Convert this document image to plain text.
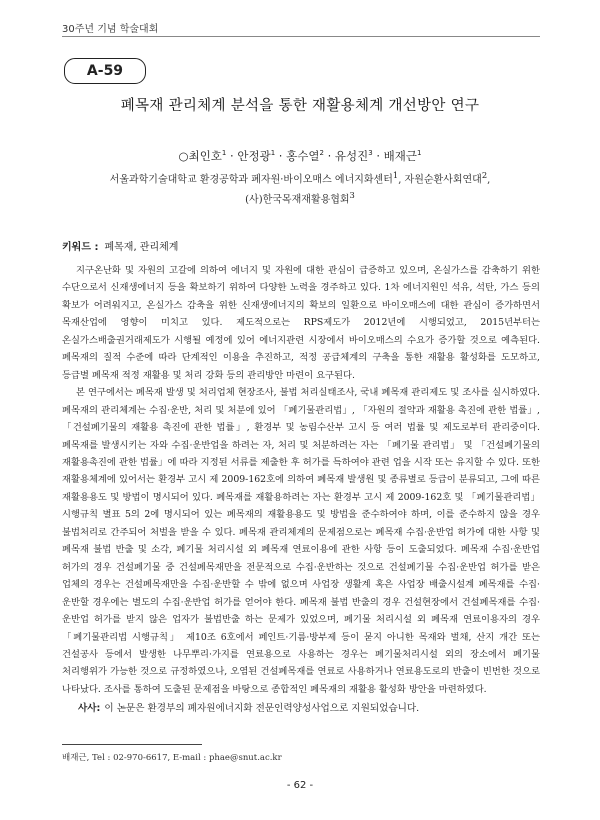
30주년 기념 학술대회
A-59
폐목재 관리체계 분석을 통한 재활용체계 개선방안 연구
○최인호$^1$ · 안정광$^1$ · 홍수열$^2$ · 유성진$^3$ · 배재근$^1$
서울과학기술대학교 환경공학과 폐자원·바이오매스 에너지화센터$^1$, 자원순환사회연대$^2$,
(사)한국목재재활용협회$^3$
키워드 : 폐목재, 관리체계

지구온난화 및 자원의 고갈에 의하여 에너지 및 자원에 대한 관심이 급증하고 있으며, 온실가스를 감축하기 위한 수단으로서 신재생에너지 등을 확보하기 위하여 다양한 노력을 경주하고 있다. 1차 에너지원인 석유, 석탄, 가스 등의 확보가 어려워지고, 온실가스 감축을 위한 신재생에너지의 확보의 일환으로 바이오매스에 대한 관심이 증가하면서 목재산업에 영향이 미치고 있다. 제도적으로는 RPS제도가 2012년에 시행되었고, 2015년부터는 온실가스배출권거래제도가 시행될 예정에 있어 에너지관련 시장에서 바이오매스의 수요가 증가할 것으로 예측된다. 폐목재의 질적 수준에 따라 단계적인 이용을 추진하고, 적정 공급체계의 구축을 통한 재활용 활성화를 도모하고, 등급별 폐목재 적정 재활용 및 처리 강화 등의 관리방안 마련이 요구된다.

본 연구에서는 폐목재 발생 및 처리업체 현장조사, 불법 처리실태조사, 국내 폐목재 관리제도 및 조사를 실시하였다. 폐목재의 관리체계는 수집·운반, 처리 및 처분에 있어 「폐기물관리법」, 「자원의 절약과 재활용 촉진에 관한 법률」, 「건설폐기물의 재활용 촉진에 관한 법률」, 환경부 및 농림수산부 고시 등 여러 법률 및 제도로부터 관리중이다. 폐목재를 발생시키는 자와 수집·운반업을 하려는 자, 처리 및 처분하려는 자는 「폐기물 관리법」 및 「건설폐기물의 재활용촉진에 관한 법률」에 따라 지정된 서류를 제출한 후 허가를 득하여야 관련 업을 시작 또는 유지할 수 있다. 또한 재활용체계에 있어서는 환경부 고시 제 2009-162호에 의하여 폐목재 발생원 및 종류별로 등급이 분류되고, 그에 따른 재활용용도 및 방법이 명시되어 있다. 폐목재를 재활용하려는 자는 환경부 고시 제 2009-162호 및 「폐기물관리법」 시행규칙 별표 5의 2에 명시되어 있는 폐목재의 재활용용도 및 방법을 준수하여야 하며, 이를 준수하지 않을 경우 불법처리로 간주되어 처벌을 받을 수 있다. 폐목재 관리체계의 문제점으로는 폐목재 수집·운반업 허가에 대한 사항 및 폐목재 불법 반출 및 소각, 폐기물 처리시설 외 폐목재 연료이용에 관한 사항 등이 도출되었다. 폐목재 수집·운반업 허가의 경우 건설폐기물 중 건설폐목재만을 전문적으로 수집·운반하는 것으로 건설폐기물 수집·운반업 허가를 받은 업체의 경우는 건설폐목재만을 수집·운반할 수 밖에 없으며 사업장 생활계 혹은 사업장 배출시설계 폐목재를 수집·운반할 경우에는 별도의 수집·운반업 허가를 얻어야 한다. 폐목재 불법 반출의 경우 건설현장에서 건설폐목재를 수집·운반업 허가를 받지 않은 업자가 불법반출 하는 문제가 있었으며, 폐기물 처리시설 외 폐목재 연료이용자의 경우 「폐기물관리법 시행규칙」 제10조 6호에서 페인트·기름·방부제 등이 묻지 아니한 목재와 벌채, 산지 개간 또는 건설공사 등에서 발생한 나무뿌리·가지를 연료용으로 사용하는 경우는 폐기물처리시설 외의 장소에서 폐기물 처리행위가 가능한 것으로 규정하였으나, 오염된 건설폐목재를 연료로 사용하거나 연료용도로의 반출이 빈번한 것으로 나타났다. 조사를 통하여 도출된 문제점을 바탕으로 종합적인 폐목재의 재활용 활성화 방안을 마련하였다.

사사: 이 논문은 환경부의 폐자원에너지화 전문인력양성사업으로 지원되었습니다.
배재근, Tel : 02-970-6617, E-mail : phae@snut.ac.kr
- 62 -
